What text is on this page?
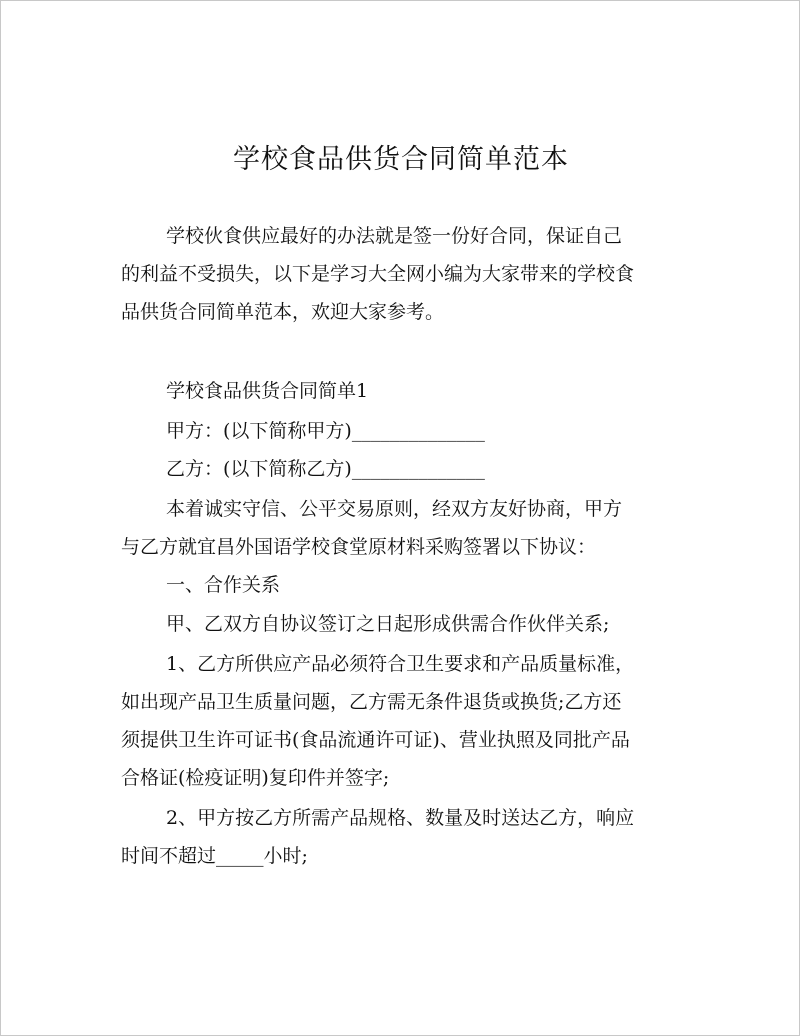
学校食品供货合同简单范本
学校伙食供应最好的办法就是签一份好合同，保证自己
的利益不受损失，以下是学习大全网小编为大家带来的学校食
品供货合同简单范本，欢迎大家参考。
学校食品供货合同简单1
甲方：(以下简称甲方)______________
乙方：(以下简称乙方)______________
本着诚实守信、公平交易原则，经双方友好协商，甲方
与乙方就宜昌外国语学校食堂原材料采购签署以下协议：
一、合作关系
甲、乙双方自协议签订之日起形成供需合作伙伴关系;
1、乙方所供应产品必须符合卫生要求和产品质量标准，
如出现产品卫生质量问题，乙方需无条件退货或换货;乙方还
须提供卫生许可证书(食品流通许可证)、营业执照及同批产品
合格证(检疫证明)复印件并签字;
2、甲方按乙方所需产品规格、数量及时送达乙方，响应
时间不超过_____小时;
